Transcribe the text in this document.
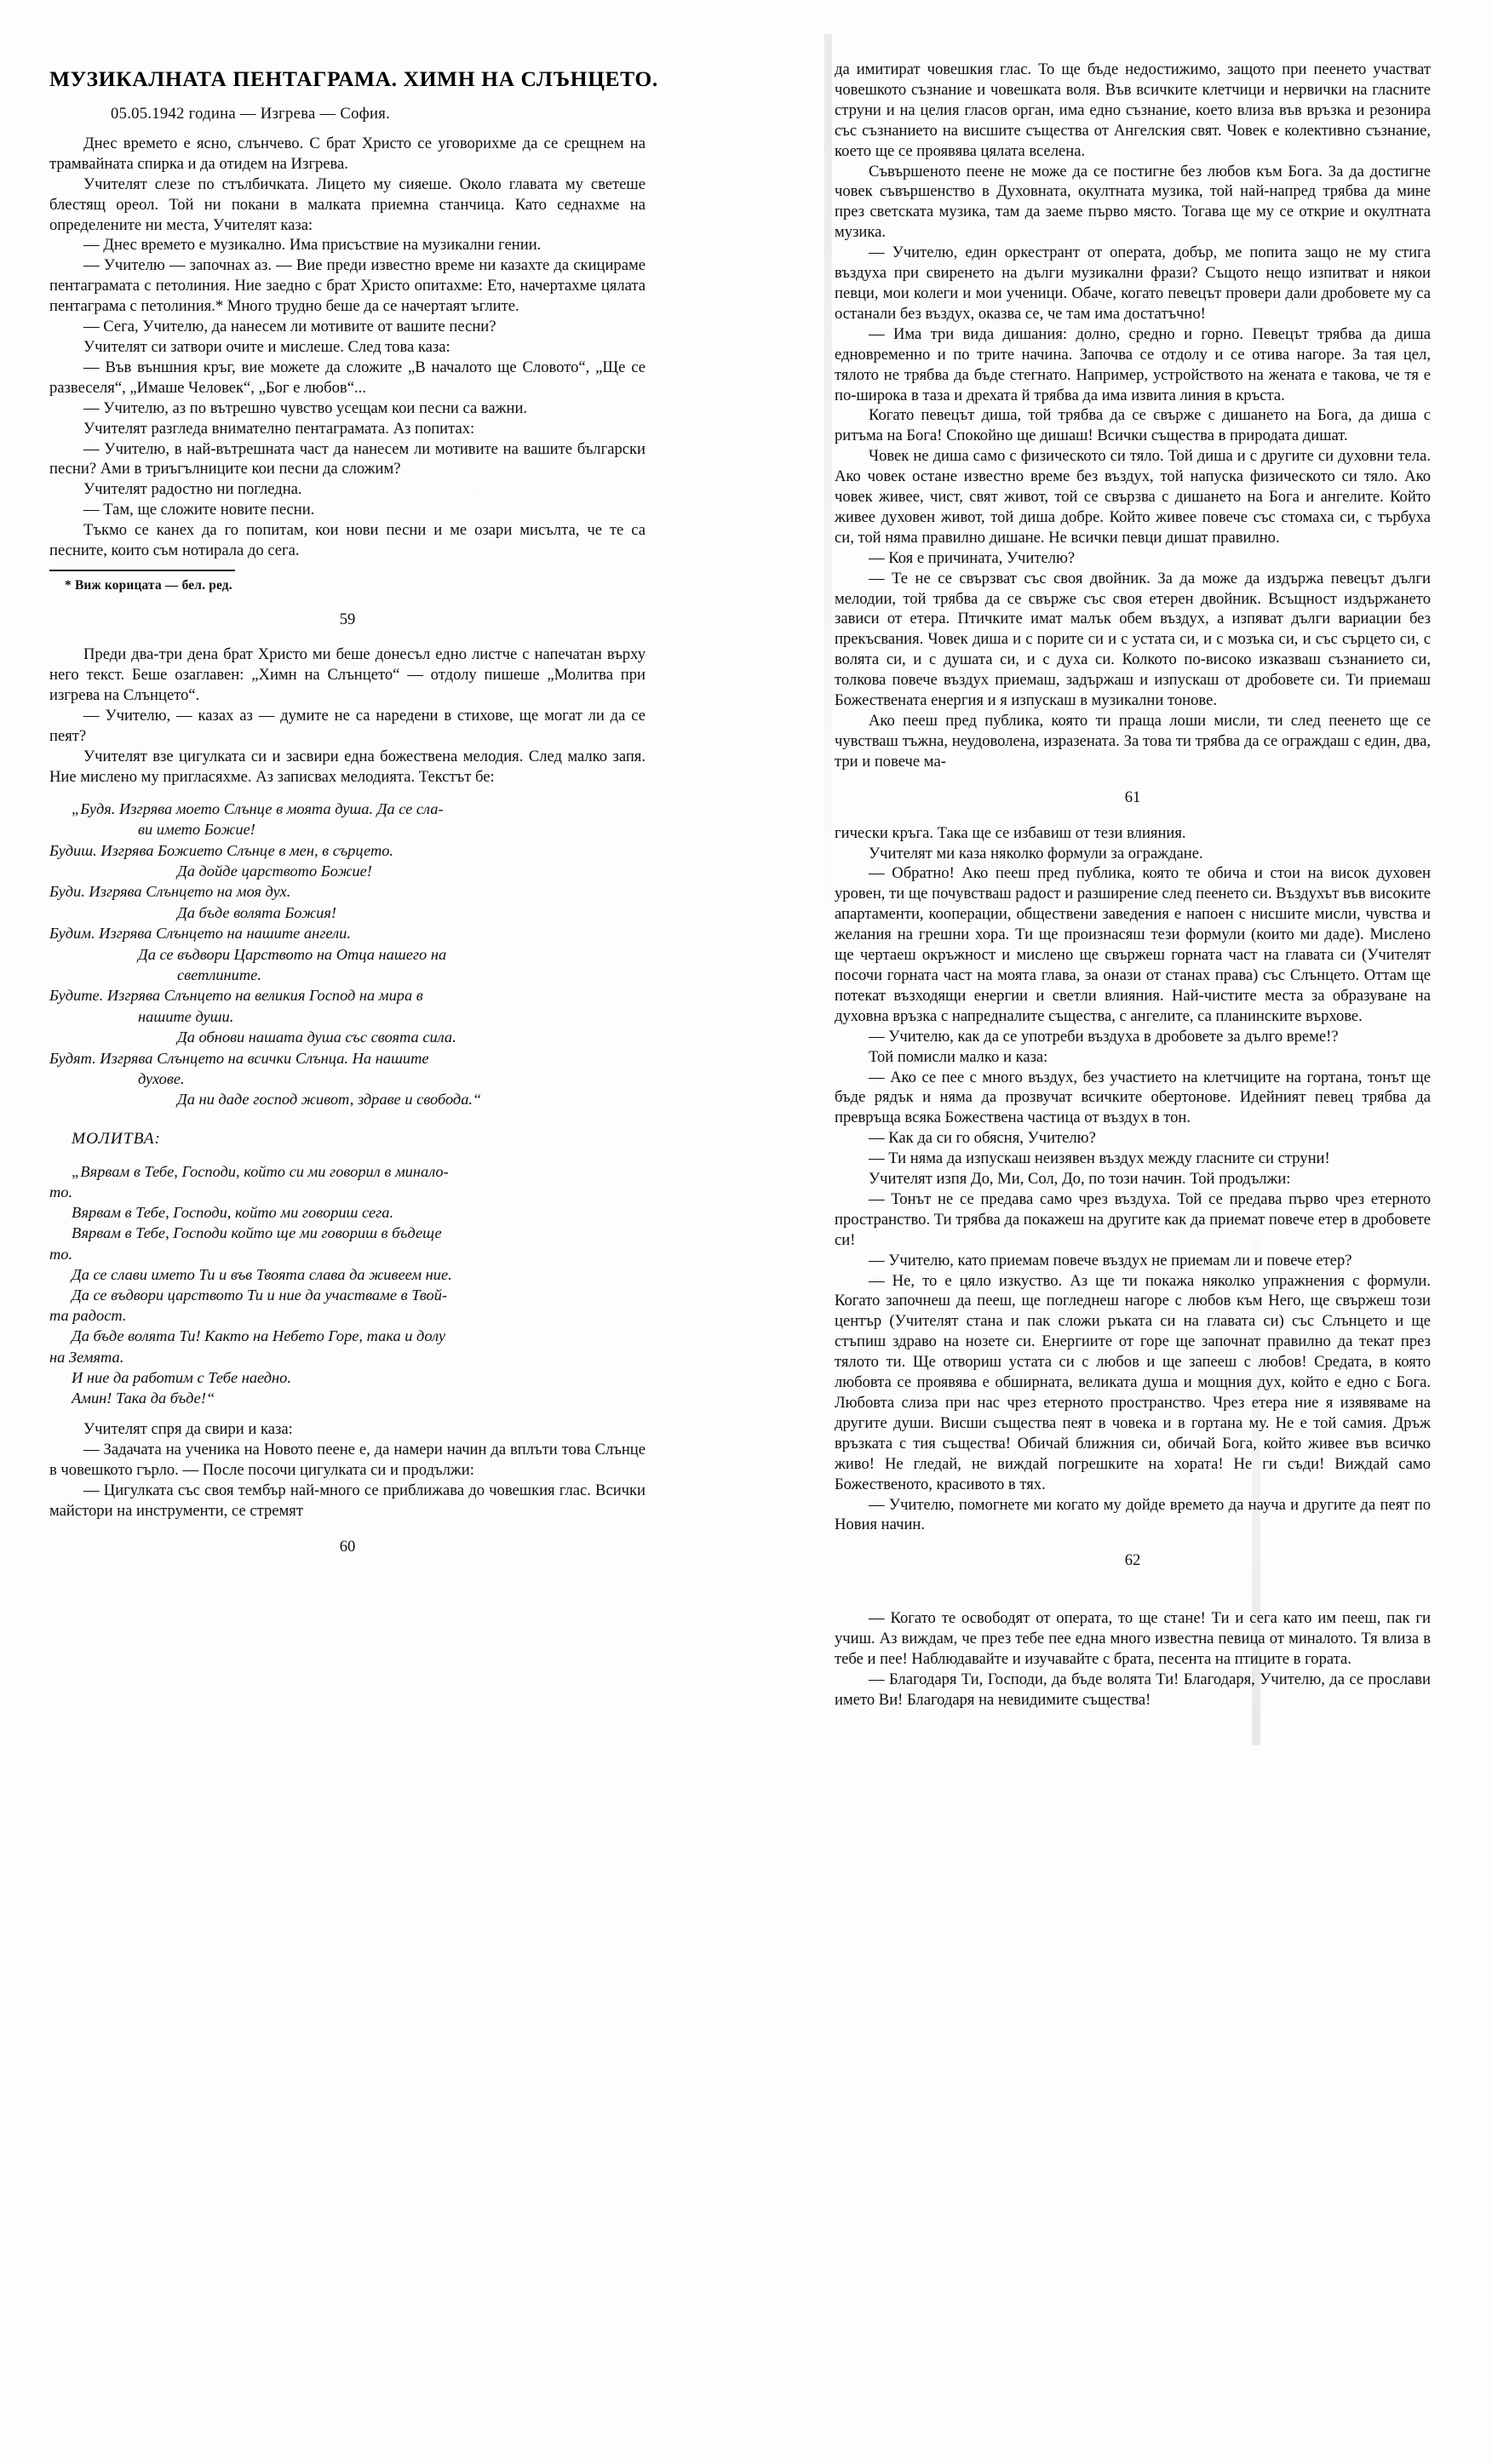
МУЗИКАЛНАТА ПЕНТАГРАМА. ХИМН НА СЛЪНЦЕТО.

05.05.1942 година — Изгрева — София.

Днес времето е ясно, слънчево. С брат Христо се уговорихме да се срещнем на трамвайната спирка и да отидем на Изгрева.

Учителят слезе по стълбичката. Лицето му сияеше. Около главата му светеше блестящ ореол. Той ни покани в малката приемна станчица. Като седнахме на определените ни места, Учителят каза:

— Днес времето е музикално. Има присъствие на музикални гении.

— Учителю — започнах аз. — Вие преди известно време ни казахте да скицираме пентаграмата с петолиния. Ние заедно с брат Христо опитахме: Ето, начертахме цялата пентаграма с петолиния.* Много трудно беше да се начертаят ъглите.

— Сега, Учителю, да нанесем ли мотивите от вашите песни?

Учителят си затвори очите и мислеше. След това каза:

— Във външния кръг, вие можете да сложите „В началото ще Словото“, „Ще се развеселя“, „Имаше Человек“, „Бог е любов“...

— Учителю, аз по вътрешно чувство усещам кои песни са важни.

Учителят разгледа внимателно пентаграмата. Аз попитах:

— Учителю, в най-вътрешната част да нанесем ли мотивите на вашите български песни? Ами в триъгълниците кои песни да сложим?

Учителят радостно ни погледна.

— Там, ще сложите новите песни.

Тъкмо се канех да го попитам, кои нови песни и ме озари мисълта, че те са песните, които съм нотирала до сега.

* Виж корицата — бел. ред.

59

Преди два-три дена брат Христо ми беше донесъл едно листче с напечатан върху него текст. Беше озаглавен: „Химн на Слънцето“ — отдолу пишеше „Молитва при изгрева на Слънцето“.

— Учителю, — казах аз — думите не са наредени в стихове, ще могат ли да се пеят?

Учителят взе цигулката си и засвири една божествена мелодия. След малко запя. Ние мислено му пригласяхме. Аз записвах мелодията. Текстът бе:

„Будя. Изгрява моето Слънце в моята душа. Да се сла-
ви името Божие!
Будиш. Изгрява Божието Слънце в мен, в сърцето.
Да дойде царството Божие!
Буди. Изгрява Слънцето на моя дух.
Да бъде волята Божия!
Будим. Изгрява Слънцето на нашите ангели.
Да се въдвори Царството на Отца нашего на
светлините.
Будите. Изгрява Слънцето на великия Господ на мира в
нашите души.
Да обнови нашата душа със своята сила.
Будят. Изгрява Слънцето на всички Слънца. На нашите
духове.
Да ни даде господ живот, здраве и свобода.“
МОЛИТВА:
„Вярвам в Тебе, Господи, който си ми говорил в минало-
то.
Вярвам в Тебе, Господи, който ми говориш сега.
Вярвам в Тебе, Господи който ще ми говориш в бъдеще
то.
Да се слави името Ти и във Твоята слава да живеем ние.
Да се въдвори царството Ти и ние да участваме в Твой-
та радост.
Да бъде волята Ти! Както на Небето Горе, така и долу
на Земята.
И ние да работим с Тебе наедно.
Амин! Така да бъде!“

Учителят спря да свири и каза:

— Задачата на ученика на Новото пеене е, да намери начин да вплъти това Слънце в човешкото гърло. — После посочи цигулката си и продължи:

— Цигулката със своя тембър най-много се приближава до човешкия глас. Всички майстори на инструменти, се стремят

60

да имитират човешкия глас. То ще бъде недостижимо, защото при пеенето участват човешкото съзнание и човешката воля. Във всичките клетчици и нервички на гласните струни и на целия гласов орган, има едно съзнание, което влиза във връзка и резонира със съзнанието на висшите същества от Ангелския свят. Човек е колективно съзнание, което ще се проявява цялата вселена.

Съвършеното пеене не може да се постигне без любов към Бога. За да достигне човек съвършенство в Духовната, окултната музика, той най-напред трябва да мине през светската музика, там да заеме първо място. Тогава ще му се открие и окултната музика.

— Учителю, един оркестрант от операта, добър, ме попита защо не му стига въздуха при свиренето на дълги музикални фрази? Същото нещо изпитват и някои певци, мои колеги и мои ученици. Обаче, когато певецът провери дали дробовете му са останали без въздух, оказва се, че там има достатъчно!

— Има три вида дишания: долно, средно и горно. Певецът трябва да диша едновременно и по трите начина. Започва се отдолу и се отива нагоре. За тая цел, тялото не трябва да бъде стегнато. Например, устройството на жената е такова, че тя е по-широка в таза и дрехата й трябва да има извита линия в кръста.

Когато певецът диша, той трябва да се свърже с дишането на Бога, да диша с ритъма на Бога! Спокойно ще дишаш! Всички същества в природата дишат.

Човек не диша само с физическото си тяло. Той диша и с другите си духовни тела. Ако човек остане известно време без въздух, той напуска физическото си тяло. Ако човек живее, чист, свят живот, той се свързва с дишането на Бога и ангелите. Който живее духовен живот, той диша добре. Който живее повече със стомаха си, с търбуха си, той няма правилно дишане. Не всички певци дишат правилно.

— Коя е причината, Учителю?

— Те не се свързват със своя двойник. За да може да издържа певецът дълги мелодии, той трябва да се свърже със своя етерен двойник. Всъщност издържането зависи от етера. Птичките имат малък обем въздух, а изпяват дълги вариации без прекъсвания. Човек диша и с порите си и с устата си, и с мозъка си, и със сърцето си, с волята си, и с душата си, и с духа си. Колкото по-високо изказваш съзнанието си, толкова повече въздух приемаш, задържаш и изпускаш от дробовете си. Ти приемаш Божествената енергия и я изпускаш в музикални тонове.

Ако пееш пред публика, която ти праща лоши мисли, ти след пеенето ще се чувстваш тъжна, неудоволена, изразената. За това ти трябва да се ограждаш с един, два, три и повече ма-

61

гически кръга. Така ще се избавиш от тези влияния.

Учителят ми каза няколко формули за ограждане.

— Обратно! Ако пееш пред публика, която те обича и стои на висок духовен уровен, ти ще почувстваш радост и разширение след пеенето си. Въздухът във високите апартаменти, кооперации, обществени заведения е напоен с нисшите мисли, чувства и желания на грешни хора. Ти ще произнасяш тези формули (които ми даде). Мислено ще чертаеш окръжност и мислено ще свържеш горната част на главата си (Учителят посочи горната част на моята глава, за онази от станах права) със Слънцето. Оттам ще потекат възходящи енергии и светли влияния. Най-чистите места за образуване на духовна връзка с напредналите същества, с ангелите, са планинските върхове.

— Учителю, как да се употреби въздуха в дробовете за дълго време!?

Той помисли малко и каза:

— Ако се пее с много въздух, без участието на клетчиците на гортана, тонът ще бъде рядък и няма да прозвучат всичките обертонове. Идейният певец трябва да превръща всяка Божествена частица от въздух в тон.

— Как да си го обясня, Учителю?

— Ти няма да изпускаш неизявен въздух между гласните си струни!

Учителят изпя До, Ми, Сол, До, по този начин. Той продължи:

— Тонът не се предава само чрез въздуха. Той се предава първо чрез етерното пространство. Ти трябва да покажеш на другите как да приемат повече етер в дробовете си!

— Учителю, като приемам повече въздух не приемам ли и повече етер?

— Не, то е цяло изкуство. Аз ще ти покажа няколко упражнения с формули. Когато започнеш да пееш, ще погледнеш нагоре с любов към Него, ще свържеш този център (Учителят стана и пак сложи ръката си на главата си) със Слънцето и ще стъпиш здраво на нозете си. Енергиите от горе ще започнат правилно да текат през тялото ти. Ще отвориш устата си с любов и ще запееш с любов! Средата, в която любовта се проявява е обширната, великата душа и мощния дух, който е едно с Бога. Любовта слиза при нас чрез етерното пространство. Чрез етера ние я изявяваме на другите души. Висши същества пеят в човека и в гортана му. Не е той самия. Дръж връзката с тия същества! Обичай ближния си, обичай Бога, който живее във всичко живо! Не гледай, не виждай погрешките на хората! Не ги съди! Виждай само Божественото, красивото в тях.

— Учителю, помогнете ми когато му дойде времето да науча и другите да пеят по Новия начин.

62

— Когато те освободят от операта, то ще стане! Ти и сега като им пееш, пак ги учиш. Аз виждам, че през тебе пее една много известна певица от миналото. Тя влиза в тебе и пее! Наблюдавайте и изучавайте с брата, песента на птиците в гората.

— Благодаря Ти, Господи, да бъде волята Ти! Благодаря, Учителю, да се прослави името Ви! Благодаря на невидимите същества!
